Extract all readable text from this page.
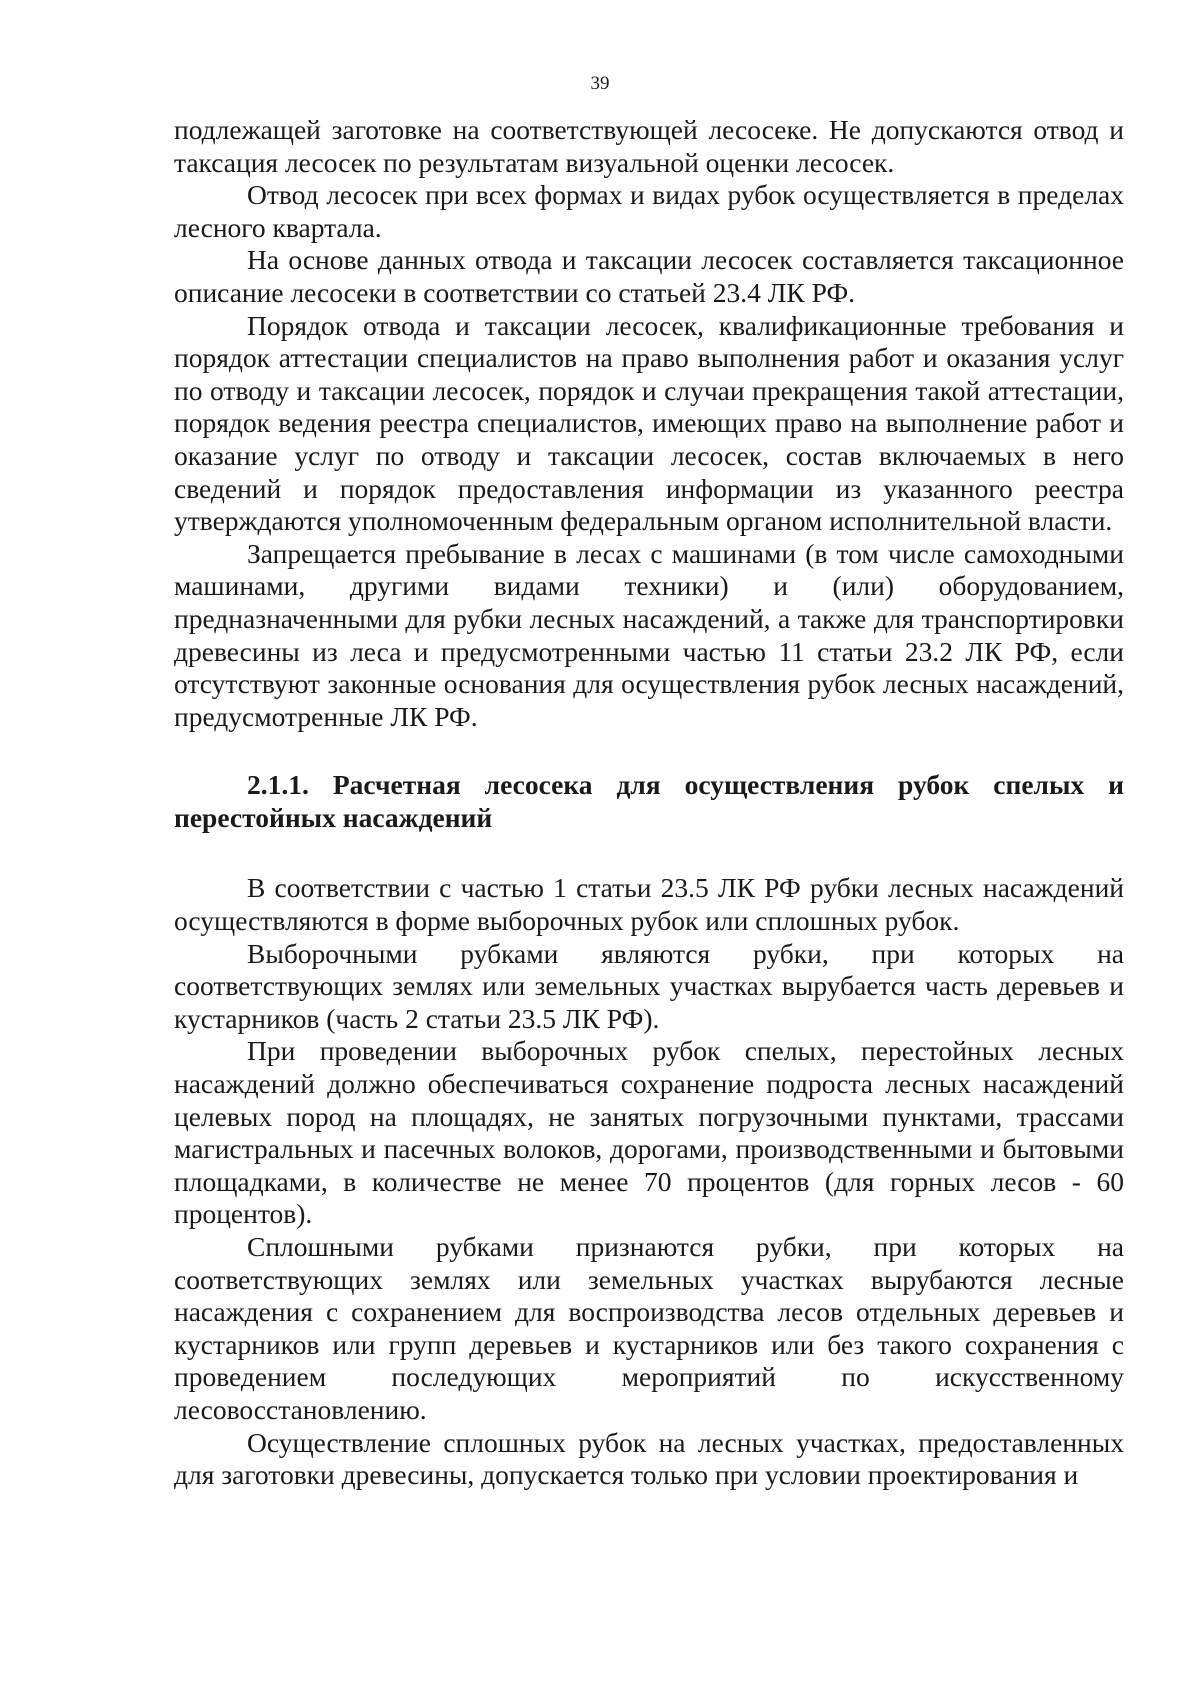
39

подлежащей заготовке на соответствующей лесосеке. Не допускаются отвод и таксация лесосек по результатам визуальной оценки лесосек.

Отвод лесосек при всех формах и видах рубок осуществляется в пределах лесного квартала.

На основе данных отвода и таксации лесосек составляется таксационное описание лесосеки в соответствии со статьей 23.4 ЛК РФ.

Порядок отвода и таксации лесосек, квалификационные требования и порядок аттестации специалистов на право выполнения работ и оказания услуг по отводу и таксации лесосек, порядок и случаи прекращения такой аттестации, порядок ведения реестра специалистов, имеющих право на выполнение работ и оказание услуг по отводу и таксации лесосек, состав включаемых в него сведений и порядок предоставления информации из указанного реестра утверждаются уполномоченным федеральным органом исполнительной власти.

Запрещается пребывание в лесах с машинами (в том числе самоходными машинами, другими видами техники) и (или) оборудованием, предназначенными для рубки лесных насаждений, а также для транспортировки древесины из леса и предусмотренными частью 11 статьи 23.2 ЛК РФ, если отсутствуют законные основания для осуществления рубок лесных насаждений, предусмотренные ЛК РФ.

2.1.1. Расчетная лесосека для осуществления рубок спелых и перестойных насаждений

В соответствии с частью 1 статьи 23.5 ЛК РФ рубки лесных насаждений осуществляются в форме выборочных рубок или сплошных рубок.

Выборочными рубками являются рубки, при которых на соответствующих землях или земельных участках вырубается часть деревьев и кустарников (часть 2 статьи 23.5 ЛК РФ).

При проведении выборочных рубок спелых, перестойных лесных насаждений должно обеспечиваться сохранение подроста лесных насаждений целевых пород на площадях, не занятых погрузочными пунктами, трассами магистральных и пасечных волоков, дорогами, производственными и бытовыми площадками, в количестве не менее 70 процентов (для горных лесов - 60 процентов).

Сплошными рубками признаются рубки, при которых на соответствующих землях или земельных участках вырубаются лесные насаждения с сохранением для воспроизводства лесов отдельных деревьев и кустарников или групп деревьев и кустарников или без такого сохранения с проведением последующих мероприятий по искусственному лесовосстановлению.

Осуществление сплошных рубок на лесных участках, предоставленных для заготовки древесины, допускается только при условии проектирования и
